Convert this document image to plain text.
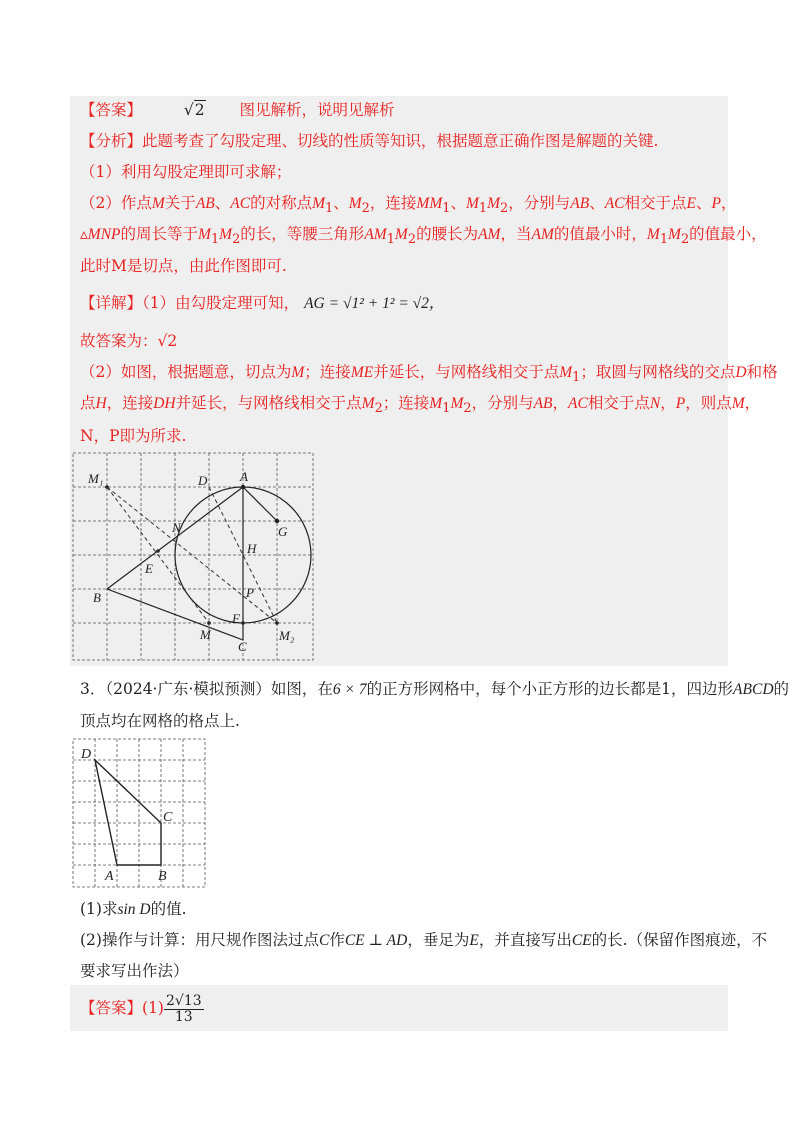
【答案】	√2 图见解析，说明见解析
【分析】此题考查了勾股定理、切线的性质等知识，根据题意正确作图是解题的关键.
（1）利用勾股定理即可求解；
（2）作点M关于AB、AC的对称点$M_1$、$M_2$，连接$MM_1$、$M_1M_2$，分别与AB、AC相交于点E、P，
▵MNP的周长等于$M_1M_2$的长，等腰三角形$AM_1M_2$的腰长为AM，当AM的值最小时，$M_1M_2$的值最小，
此时M是切点，由此作图即可.
【详解】（1）由勾股定理可知， AG = √1² + 1² = √2，
故答案为：√2
（2）如图，根据题意，切点为M；连接ME并延长，与网格线相交于点$M_1$；取圆与网格线的交点D和格
点H，连接DH并延长，与网格线相交于点$M_2$；连接$M_1M_2$，分别与AB，AC相交于点N，P，则点M，
N，P即为所求.
M₁	D	A
N	G
H
E
B	P
F
M
C
M₂
3．（2024·广东·模拟预测）如图，在6 × 7的正方形网格中，每个小正方形的边长都是1，四边形ABCD的
顶点均在网格的格点上.
D
C
A	B
(1)求sin D的值.
(2)操作与计算：用尺规作图法过点C作CE ⊥ AD，垂足为E，并直接写出CE的长.（保留作图痕迹，不
要求写出作法）
【答案】$(1) \frac{2√13}{13}$
